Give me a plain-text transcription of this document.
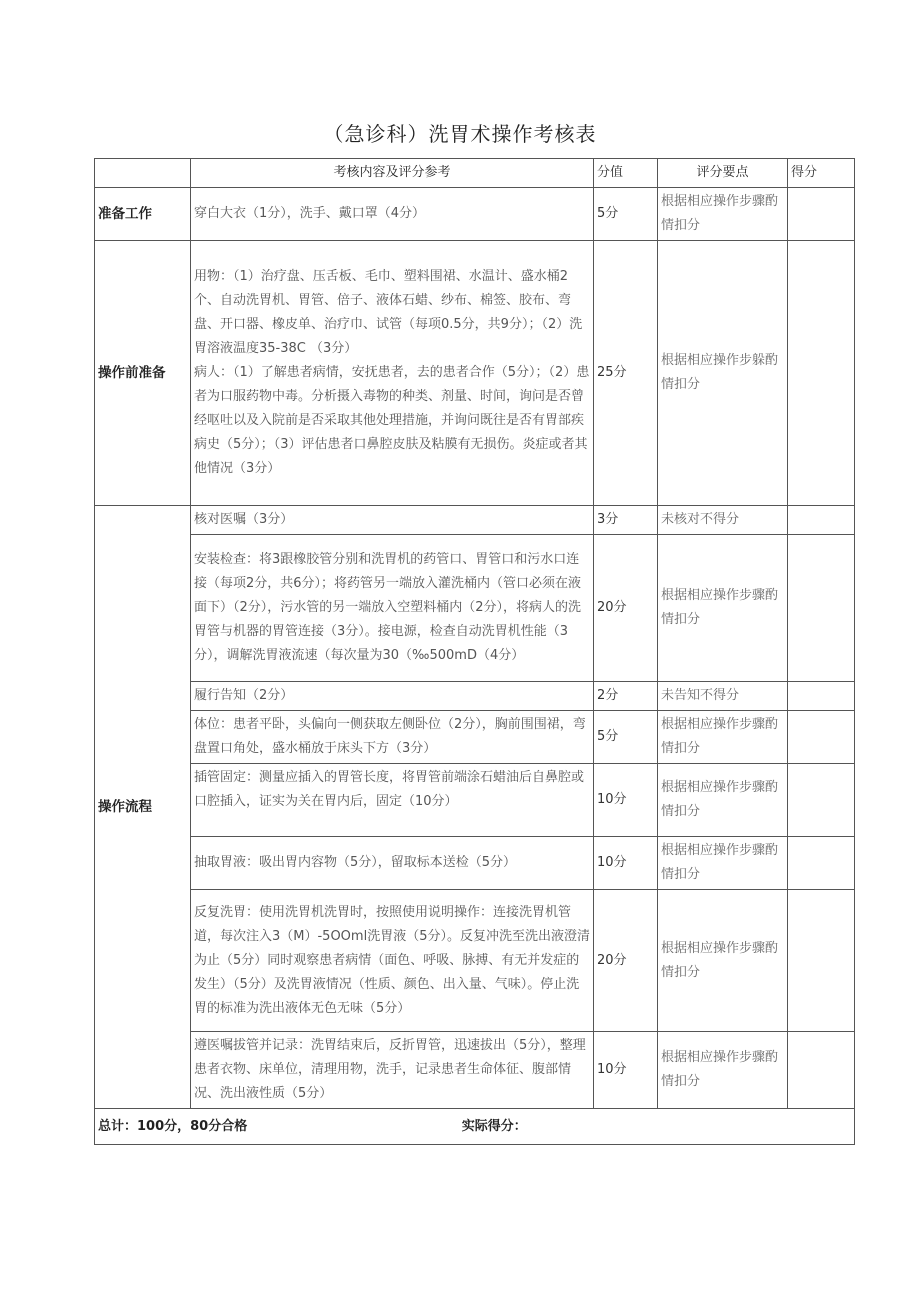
（急诊科）洗胃术操作考核表
	考核内容及评分参考	分值	评分要点	得分
准备工作	穿白大衣（1分），洗手、戴口罩（4分）	5分	根据相应操作步骤酌情扣分	
操作前准备	用物：（1）治疗盘、压舌板、毛巾、塑料围裙、水温计、盛水桶2个、自动洗胃机、胃管、倍子、液体石蜡、纱布、棉签、胶布、弯盘、开口器、橡皮单、治疗巾、试管（每项0.5分，共9分）；（2）洗胃溶液温度35-38C （3分）
病人：（1）了解患者病情，安抚患者，去的患者合作（5分）；（2）患者为口服药物中毒。分析摄入毒物的种类、剂量、时间，询问是否曾经呕吐以及入院前是否采取其他处理措施，并询问既往是否有胃部疾病史（5分）；（3）评估患者口鼻腔皮肤及粘膜有无损伤。炎症或者其他情况（3分）	25分	根据相应操作步躲酌情扣分	
操作流程	核对医嘱（3分）	3分	未核对不得分	
	安装检查：将3跟橡胶管分别和洗胃机的药管口、胃管口和污水口连接（每项2分，共6分）；将药管另一端放入灌洗桶内（管口必须在液面下）（2分），污水管的另一端放入空塑料桶内（2分），将病人的洗胃管与机器的胃管连接（3分）。接电源，检查自动洗胃机性能（3分），调解洗胃液流速（每次量为30（‰500mD（4分）	20分	根据相应操作步骤酌情扣分	
	履行告知（2分）	2分	未告知不得分	
	体位：患者平卧，头偏向一侧获取左侧卧位（2分），胸前围围裙，弯盘置口角处，盛水桶放于床头下方（3分）	5分	根据相应操作步骤酌情扣分	
	插管固定：测量应插入的胃管长度，将胃管前端涂石蜡油后自鼻腔或口腔插入，证实为关在胃内后，固定（10分）	10分	根据相应操作步骤酌情扣分	
	抽取胃液：吸出胃内容物（5分），留取标本送检（5分）	10分	根据相应操作步骤酌情扣分	
	反复洗胃：使用洗胃机洗胃时，按照使用说明操作：连接洗胃机管道，每次注入3（M）-5OOml洗胃液（5分）。反复冲洗至洗出液澄清为止（5分）同时观察患者病情（面色、呼吸、脉搏、有无并发症的发生）（5分）及洗胃液情况（性质、颜色、出入量、气味）。停止洗胃的标准为洗出液体无色无味（5分）	20分	根据相应操作步骤酌情扣分	
	遵医嘱拔管并记录：洗胃结束后，反折胃管，迅速拔出（5分），整理患者衣物、床单位，清理用物，洗手，记录患者生命体征、腹部情况、洗出液性质（5分）	10分	根据相应操作步骤酌情扣分	
总计：100分，80分合格 实际得分：				
